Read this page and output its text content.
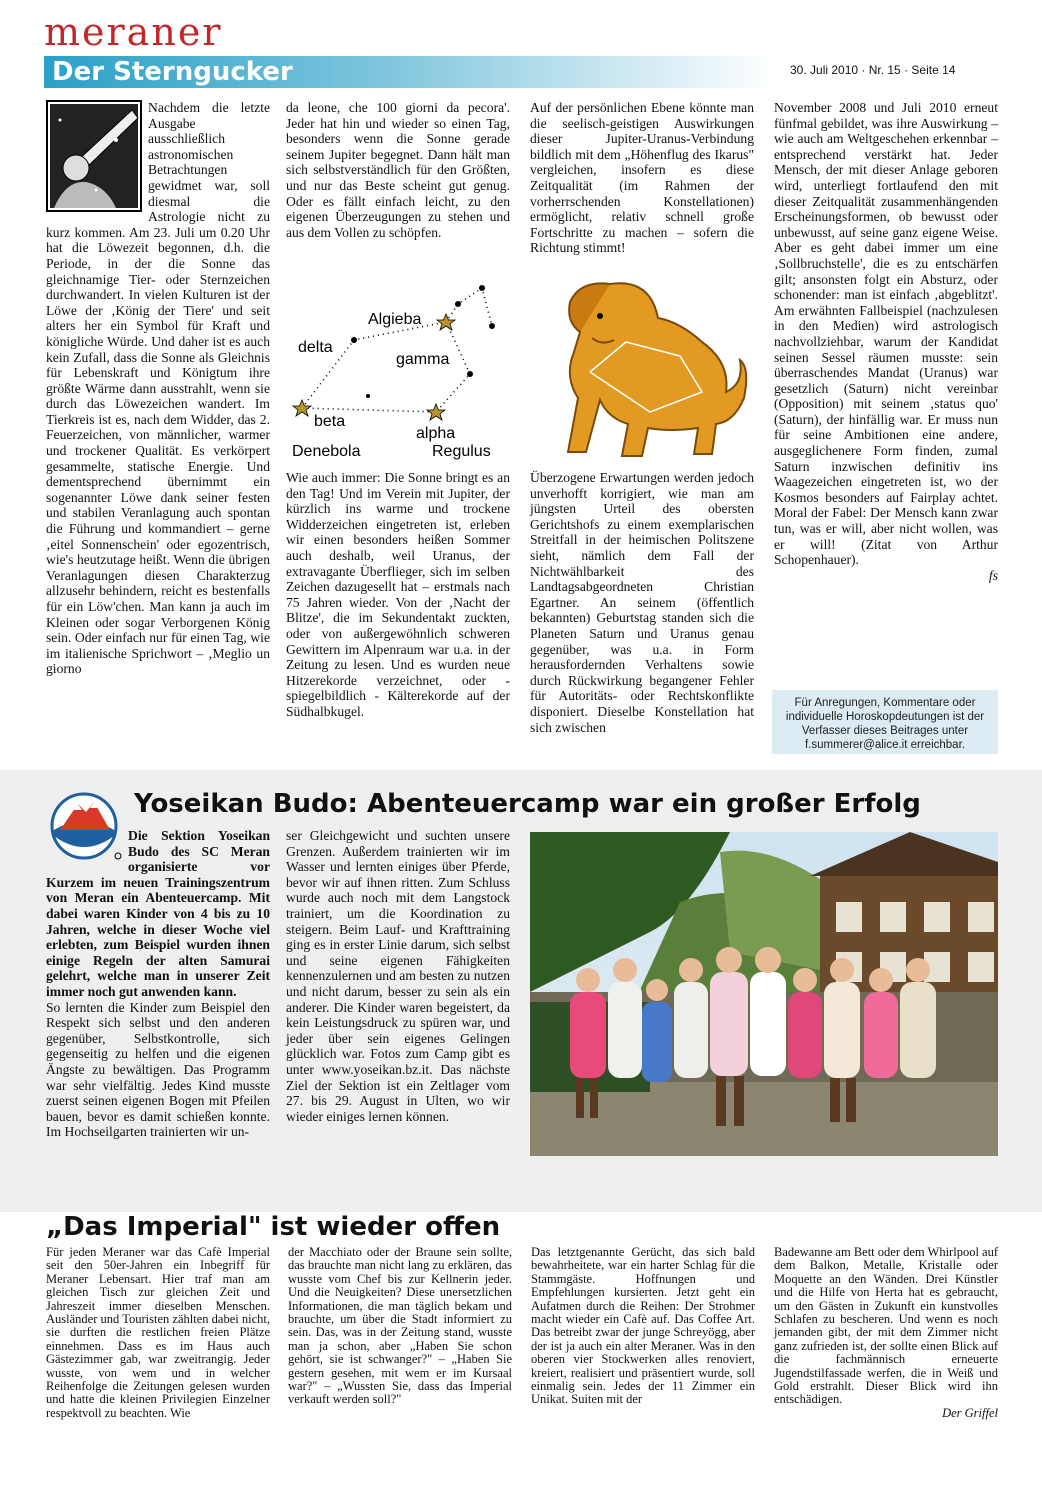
meraner
Der Sterngucker	30. Juli 2010 · Nr. 15 · Seite 14

Nachdem die letzte Ausgabe ausschließlich astronomischen Betrachtungen gewidmet war, soll diesmal die Astrologie nicht zu kurz kommen. Am 23. Juli um 0.20 Uhr hat die Löwezeit begonnen, d.h. die Periode, in der die Sonne das gleichnamige Tier- oder Sternzeichen durchwandert. In vielen Kulturen ist der Löwe der ‚König der Tiere' und seit alters her ein Symbol für Kraft und königliche Würde. Und daher ist es auch kein Zufall, dass die Sonne als Gleichnis für Lebenskraft und Königtum ihre größte Wärme dann ausstrahlt, wenn sie durch das Löwezeichen wandert. Im Tierkreis ist es, nach dem Widder, das 2. Feuerzeichen, von männlicher, warmer und trockener Qualität. Es verkörpert gesammelte, statische Energie. Und dementsprechend übernimmt ein sogenannter Löwe dank seiner festen und stabilen Veranlagung auch spontan die Führung und kommandiert – gerne ‚eitel Sonnenschein' oder egozentrisch, wie's heutzutage heißt. Wenn die übrigen Veranlagungen diesen Charakterzug allzusehr behindern, reicht es bestenfalls für ein Löw'chen. Man kann ja auch im Kleinen oder sogar Verborgenen König sein. Oder einfach nur für einen Tag, wie im italienische Sprichwort – ‚Meglio un giorno

da leone, che 100 giorni da pecora'. Jeder hat hin und wieder so einen Tag, besonders wenn die Sonne gerade seinem Jupiter begegnet. Dann hält man sich selbstverständlich für den Größten, und nur das Beste scheint gut genug. Oder es fällt einfach leicht, zu den eigenen Überzeugungen zu stehen und aus dem Vollen zu schöpfen.

Algieba
delta
gamma
beta
Denebola
alpha
Regulus

Wie auch immer: Die Sonne bringt es an den Tag! Und im Verein mit Jupiter, der kürzlich ins warme und trockene Widderzeichen eingetreten ist, erleben wir einen besonders heißen Sommer auch deshalb, weil Uranus, der extravagante Überflieger, sich im selben Zeichen dazugesellt hat – erstmals nach 75 Jahren wieder. Von der ‚Nacht der Blitze', die im Sekundentakt zuckten, oder von außergewöhnlich schweren Gewittern im Alpenraum war u.a. in der Zeitung zu lesen. Und es wurden neue Hitzerekorde verzeichnet, oder - spiegelbildlich - Kälterekorde auf der Südhalbkugel.

Auf der persönlichen Ebene könnte man die seelisch-geistigen Auswirkungen dieser Jupiter-Uranus-Verbindung bildlich mit dem „Höhenflug des Ikarus" vergleichen, insofern es diese Zeitqualität (im Rahmen der vorherrschenden Konstellationen) ermöglicht, relativ schnell große Fortschritte zu machen – sofern die Richtung stimmt!

Überzogene Erwartungen werden jedoch unverhofft korrigiert, wie man am jüngsten Urteil des obersten Gerichtshofs zu einem exemplarischen Streitfall in der heimischen Politszene sieht, nämlich dem Fall der Nichtwählbarkeit des Landtagsabgeordneten Christian Egartner. An seinem (öffentlich bekannten) Geburtstag standen sich die Planeten Saturn und Uranus genau gegenüber, was u.a. in Form herausfordernden Verhaltens sowie durch Rückwirkung begangener Fehler für Autoritäts- oder Rechtskonflikte disponiert. Dieselbe Konstellation hat sich zwischen

November 2008 und Juli 2010 erneut fünfmal gebildet, was ihre Auswirkung – wie auch am Weltgeschehen erkennbar – entsprechend verstärkt hat. Jeder Mensch, der mit dieser Anlage geboren wird, unterliegt fortlaufend den mit dieser Zeitqualität zusammenhängenden Erscheinungsformen, ob bewusst oder unbewusst, auf seine ganz eigene Weise. Aber es geht dabei immer um eine ‚Sollbruchstelle', die es zu entschärfen gilt; ansonsten folgt ein Absturz, oder schonender: man ist einfach ‚abgeblitzt'. Am erwähnten Fallbeispiel (nachzulesen in den Medien) wird astrologisch nachvollziehbar, warum der Kandidat seinen Sessel räumen musste: sein überraschendes Mandat (Uranus) war gesetzlich (Saturn) nicht vereinbar (Opposition) mit seinem ‚status quo' (Saturn), der hinfällig war. Er muss nun für seine Ambitionen eine andere, ausgeglichenere Form finden, zumal Saturn inzwischen definitiv ins Waagezeichen eingetreten ist, wo der Kosmos besonders auf Fairplay achtet. Moral der Fabel: Der Mensch kann zwar tun, was er will, aber nicht wollen, was er will! (Zitat von Arthur Schopenhauer).

fs

Für Anregungen, Kommentare oder individuelle Horoskopdeutungen ist der Verfasser dieses Beitrages unter f.summerer@alice.it erreichbar.
Yoseikan Budo: Abenteuercamp war ein großer Erfolg

Die Sektion Yoseikan Budo des SC Meran organisierte vor Kurzem im neuen Trainingszentrum von Meran ein Abenteuercamp. Mit dabei waren Kinder von 4 bis zu 10 Jahren, welche in dieser Woche viel erlebten, zum Beispiel wurden ihnen einige Regeln der alten Samurai gelehrt, welche man in unserer Zeit immer noch gut anwenden kann.

So lernten die Kinder zum Beispiel den Respekt sich selbst und den anderen gegenüber, Selbstkontrolle, sich gegenseitig zu helfen und die eigenen Ängste zu bewältigen. Das Programm war sehr vielfältig. Jedes Kind musste zuerst seinen eigenen Bogen mit Pfeilen bauen, bevor es damit schießen konnte. Im Hochseilgarten trainierten wir un-

ser Gleichgewicht und suchten unsere Grenzen. Außerdem trainierten wir im Wasser und lernten einiges über Pferde, bevor wir auf ihnen ritten. Zum Schluss wurde auch noch mit dem Langstock trainiert, um die Koordination zu steigern. Beim Lauf- und Krafttraining ging es in erster Linie darum, sich selbst und seine eigenen Fähigkeiten kennenzulernen und am besten zu nutzen und nicht darum, besser zu sein als ein anderer. Die Kinder waren begeistert, da kein Leistungsdruck zu spüren war, und jeder über sein eigenes Gelingen glücklich war. Fotos zum Camp gibt es unter www.yoseikan.bz.it. Das nächste Ziel der Sektion ist ein Zeltlager vom 27. bis 29. August in Ulten, wo wir wieder einiges lernen können.

„Das Imperial" ist wieder offen

Für jeden Meraner war das Cafè Imperial seit den 50er-Jahren ein Inbegriff für Meraner Lebensart. Hier traf man am gleichen Tisch zur gleichen Zeit und Jahreszeit immer dieselben Menschen. Ausländer und Touristen zählten dabei nicht, sie durften die restlichen freien Plätze einnehmen. Dass es im Haus auch Gästezimmer gab, war zweitrangig. Jeder wusste, von wem und in welcher Reihenfolge die Zeitungen gelesen wurden und hatte die kleinen Privilegien Einzelner respektvoll zu beachten. Wie

der Macchiato oder der Braune sein sollte, das brauchte man nicht lang zu erklären, das wusste vom Chef bis zur Kellnerin jeder. Und die Neuigkeiten? Diese unersetzlichen Informationen, die man täglich bekam und brauchte, um über die Stadt informiert zu sein. Das, was in der Zeitung stand, wusste man ja schon, aber „Haben Sie schon gehört, sie ist schwanger?" – „Haben Sie gestern gesehen, mit wem er im Kursaal war?" – „Wussten Sie, dass das Imperial verkauft werden soll?"

Das letztgenannte Gerücht, das sich bald bewahrheitete, war ein harter Schlag für die Stammgäste. Hoffnungen und Empfehlungen kursierten. Jetzt geht ein Aufatmen durch die Reihen: Der Strohmer macht wieder ein Cafè auf. Das Coffee Art. Das betreibt zwar der junge Schreyögg, aber der ist ja auch ein alter Meraner. Was in den oberen vier Stockwerken alles renoviert, kreiert, realisiert und präsentiert wurde, soll einmalig sein. Jedes der 11 Zimmer ein Unikat. Suiten mit der

Badewanne am Bett oder dem Whirlpool auf dem Balkon, Metalle, Kristalle oder Moquette an den Wänden. Drei Künstler und die Hilfe von Herta hat es gebraucht, um den Gästen in Zukunft ein kunstvolles Schlafen zu bescheren. Und wenn es noch jemanden gibt, der mit dem Zimmer nicht ganz zufrieden ist, der sollte einen Blick auf die fachmännisch erneuerte Jugendstilfassade werfen, die in Weiß und Gold erstrahlt. Dieser Blick wird ihn entschädigen.

Der Griffel
